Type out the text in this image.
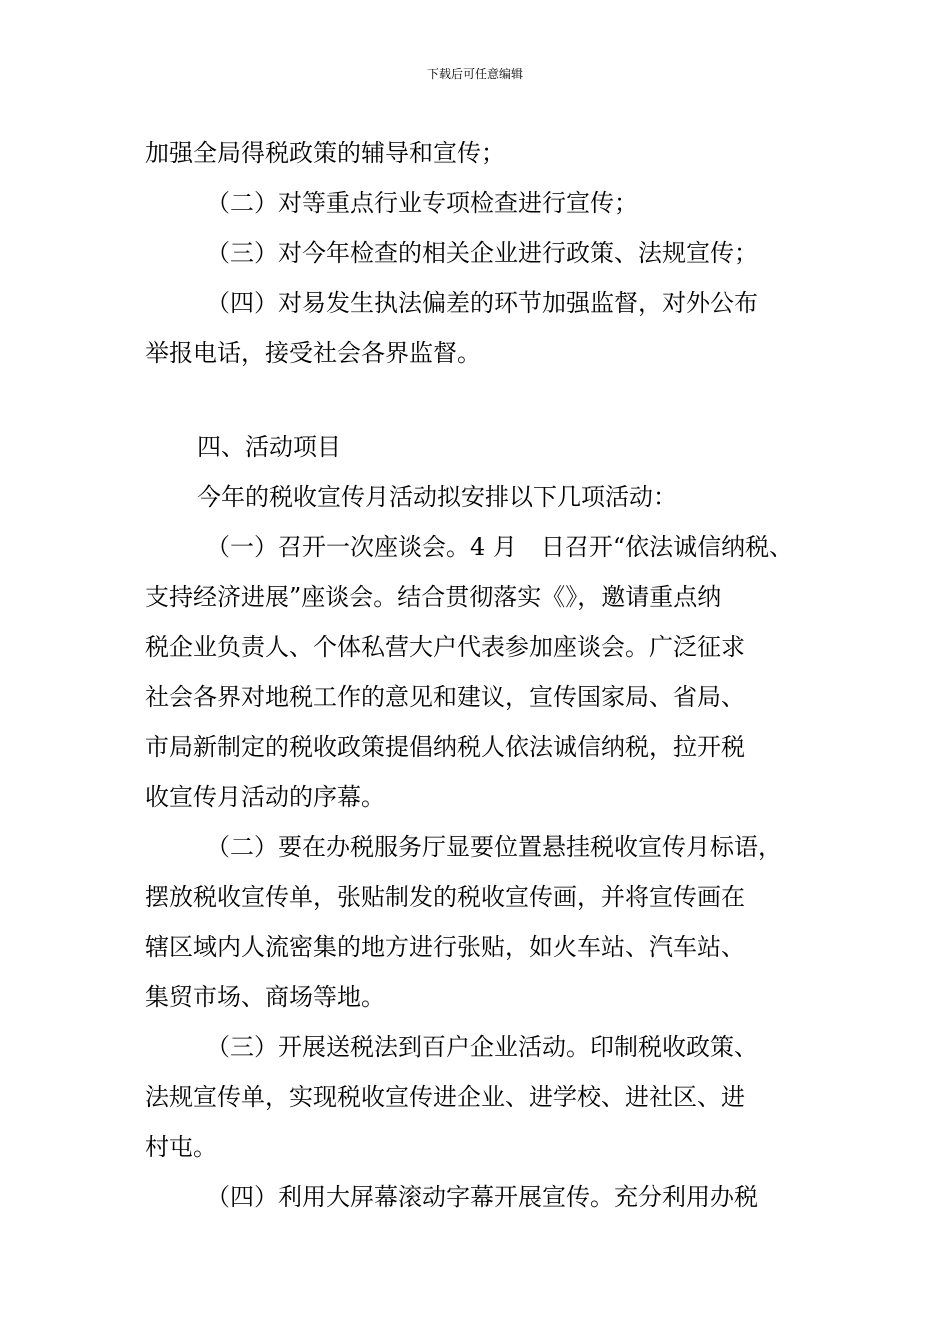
下载后可任意编辑
加强全局得税政策的辅导和宣传；
（二）对等重点行业专项检查进行宣传；
（三）对今年检查的相关企业进行政策、法规宣传；
（四）对易发生执法偏差的环节加强监督，对外公布
举报电话，接受社会各界监督。
四、活动项目
今年的税收宣传月活动拟安排以下几项活动：
（一）召开一次座谈会。4 月　日召开“依法诚信纳税、
支持经济进展”座谈会。结合贯彻落实《》，邀请重点纳
税企业负责人、个体私营大户代表参加座谈会。广泛征求
社会各界对地税工作的意见和建议，宣传国家局、省局、
市局新制定的税收政策提倡纳税人依法诚信纳税，拉开税
收宣传月活动的序幕。
（二）要在办税服务厅显要位置悬挂税收宣传月标语，
摆放税收宣传单，张贴制发的税收宣传画，并将宣传画在
辖区域内人流密集的地方进行张贴，如火车站、汽车站、
集贸市场、商场等地。
（三）开展送税法到百户企业活动。印制税收政策、
法规宣传单，实现税收宣传进企业、进学校、进社区、进
村屯。
（四）利用大屏幕滚动字幕开展宣传。充分利用办税
